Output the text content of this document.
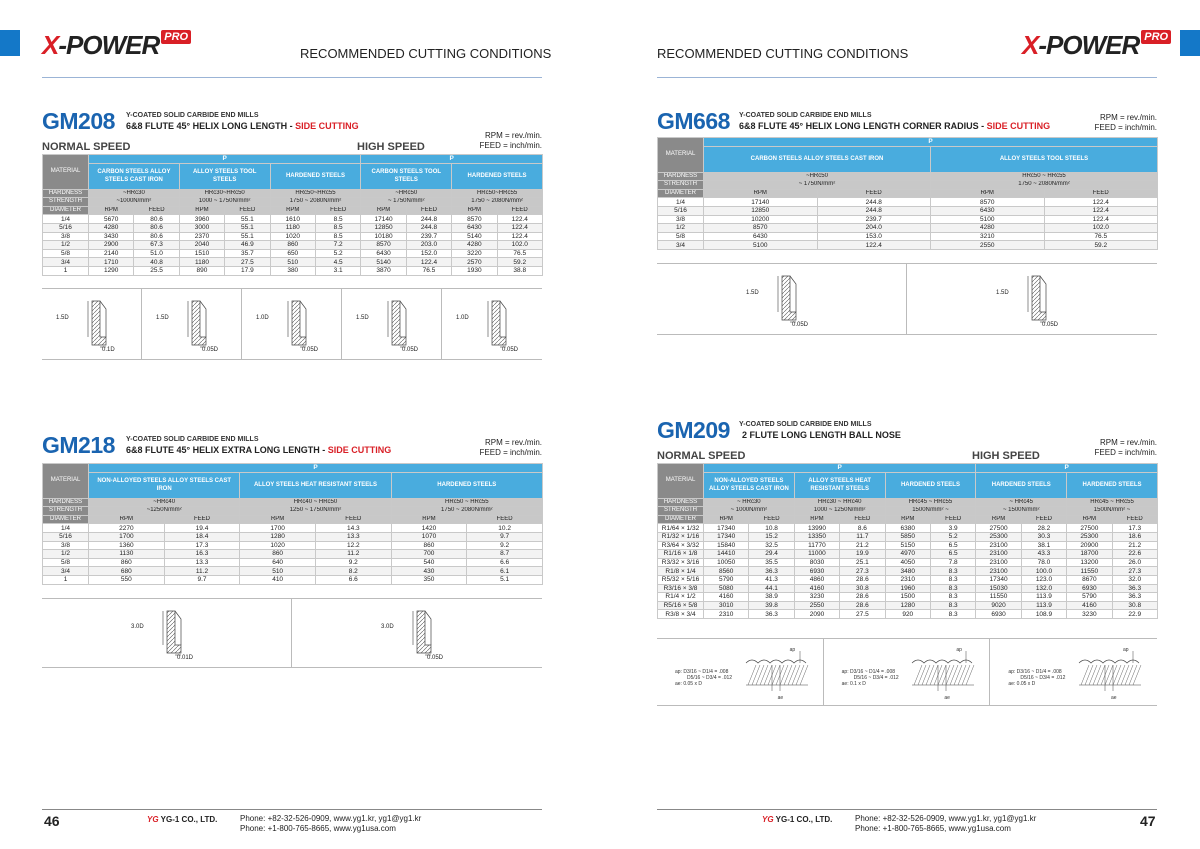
X-POWER PRO
RECOMMENDED CUTTING CONDITIONS	X-POWER PRO
RECOMMENDED CUTTING CONDITIONS
GM208 Y-COATED SOLID CARBIDE END MILLS
6&8 FLUTE 45° HELIX LONG LENGTH - SIDE CUTTING
RPM = rev./min.
FEED = inch/min.
NORMAL SPEED	HIGH SPEED
MATERIAL	P						P			
	CARBON STEELS ALLOY STEELS CAST IRON		ALLOY STEELS TOOL STEELS		HARDENED STEELS		CARBON STEELS TOOL STEELS		HARDENED STEELS	
HARDNESS	~HRc30		HRc30~HRc50		HRc50~HRc55		~HRc50		HRc50~HRc55	
STRENGTH	~1000N/mm²		1000 ~ 1750N/mm²		1750 ~ 2080N/mm²		~ 1750N/mm²		1750 ~ 2080N/mm²	
DIAMETER	RPM	FEED	RPM	FEED	RPM	FEED	RPM	FEED	RPM	FEED
1/4	5670	80.6	3960	55.1	1610	8.5	17140	244.8	8570	122.4
5/16	4280	80.6	3000	55.1	1180	8.5	12850	244.8	6430	122.4
3/8	3430	80.6	2370	55.1	1020	8.5	10180	239.7	5140	122.4
1/2	2900	67.3	2040	46.9	860	7.2	8570	203.0	4280	102.0
5/8	2140	51.0	1510	35.7	650	5.2	6430	152.0	3220	76.5
3/4	1710	40.8	1180	27.5	510	4.5	5140	122.4	2570	59.2
1	1290	25.5	890	17.9	380	3.1	3870	76.5	1930	38.8
1.5D
0.1D
1.5D
0.05D
1.0D
0.05D
1.5D
0.05D
1.0D
0.05D
GM218 Y-COATED SOLID CARBIDE END MILLS
6&8 FLUTE 45° HELIX EXTRA LONG LENGTH - SIDE CUTTING
RPM = rev./min.
FEED = inch/min.
MATERIAL	P					
	NON-ALLOYED STEELS ALLOY STEELS CAST IRON		ALLOY STEELS HEAT RESISTANT STEELS		HARDENED STEELS	
HARDNESS	~HRc40		HRc40 ~ HRc50		HRc50 ~ HRc55	
STRENGTH	~1250N/mm²		1250 ~ 1750N/mm²		1750 ~ 2080N/mm²	
DIAMETER	RPM	FEED	RPM	FEED	RPM	FEED
1/4	2270	19.4	1700	14.3	1420	10.2
5/16	1700	18.4	1280	13.3	1070	9.7
3/8	1360	17.3	1020	12.2	860	9.2
1/2	1130	16.3	860	11.2	700	8.7
5/8	860	13.3	640	9.2	540	6.6
3/4	680	11.2	510	8.2	430	6.1
1	550	9.7	410	6.6	350	5.1
3.0D
0.01D
3.0D
0.05D
GM668 Y-COATED SOLID CARBIDE END MILLS
6&8 FLUTE 45° HELIX LONG LENGTH CORNER RADIUS - SIDE CUTTING
RPM = rev./min.
FEED = inch/min.
MATERIAL	P			
	CARBON STEELS ALLOY STEELS CAST IRON		ALLOY STEELS TOOL STEELS	
HARDNESS	~HRc50		HRc50 ~ HRc55	
STRENGTH	~ 1750N/mm²		1750 ~ 2080N/mm²	
DIAMETER	RPM	FEED	RPM	FEED
1/4	17140	244.8	8570	122.4
5/16	12850	244.8	6430	122.4
3/8	10200	239.7	5100	122.4
1/2	8570	204.0	4280	102.0
5/8	6430	153.0	3210	76.5
3/4	5100	122.4	2550	59.2
1.5D
0.05D
1.5D
0.05D
GM209 Y-COATED SOLID CARBIDE END MILLS
2 FLUTE LONG LENGTH BALL NOSE
RPM = rev./min.
FEED = inch/min.
NORMAL SPEED	HIGH SPEED
MATERIAL	P						P			
	NON-ALLOYED STEELS ALLOY STEELS CAST IRON		ALLOY STEELS HEAT RESISTANT STEELS		HARDENED STEELS		HARDENED STEELS		HARDENED STEELS	
HARDNESS	~ HRc30		HRc30 ~ HRc40		HRc45 ~ HRc55		~ HRc45		HRc45 ~ HRc55	
STRENGTH	~ 1000N/mm²		1000 ~ 1250N/mm²		1500N/mm² ~		~ 1500N/mm²		1500N/mm² ~	
DIAMETER	RPM	FEED	RPM	FEED	RPM	FEED	RPM	FEED	RPM	FEED
R1/64 × 1/32	17340	10.8	13990	8.6	6380	3.9	27500	28.2	27500	17.3
R1/32 × 1/16	17340	15.2	13350	11.7	5850	5.2	25300	30.3	25300	18.6
R3/64 × 3/32	15840	32.5	11770	21.2	5150	6.5	23100	38.1	20900	21.2
R1/16 × 1/8	14410	29.4	11000	19.9	4970	6.5	23100	43.3	18700	22.6
R3/32 × 3/16	10050	35.5	8030	25.1	4050	7.8	23100	78.0	13200	26.0
R1/8 × 1/4	8560	36.3	6930	27.3	3480	8.3	23100	100.0	11550	27.3
R5/32 × 5/16	5790	41.3	4860	28.6	2310	8.3	17340	123.0	8670	32.0
R3/16 × 3/8	5080	44.1	4160	30.8	1960	8.3	15030	132.0	6930	36.3
R1/4 × 1/2	4160	38.9	3230	28.6	1500	8.3	11550	113.9	5790	36.3
R5/16 × 5/8	3010	39.8	2550	28.6	1280	8.3	9020	113.9	4160	30.8
R3/8 × 3/4	2310	36.3	2090	27.5	920	8.3	6930	108.9	3230	22.9
ap: D3/16 ~ D1/4 = .008
D5/16 ~ D3/4 = .012
ae: 0.05 x D
ap
ae
ap: D3/16 ~ D1/4 = .008
D5/16 ~ D3/4 = .012
ae: 0.1 x D
ap
ae
ap: D3/16 ~ D1/4 = .008
D5/16 ~ D3/4 = .012
ae: 0.05 x D
ap
ae
46	YG YG-1 CO., LTD.	Phone: +82-32-526-0909, www.yg1.kr, yg1@yg1.kr
Phone: +1-800-765-8665, www.yg1usa.com
YG YG-1 CO., LTD.	Phone: +82-32-526-0909, www.yg1.kr, yg1@yg1.kr
Phone: +1-800-765-8665, www.yg1usa.com	47
